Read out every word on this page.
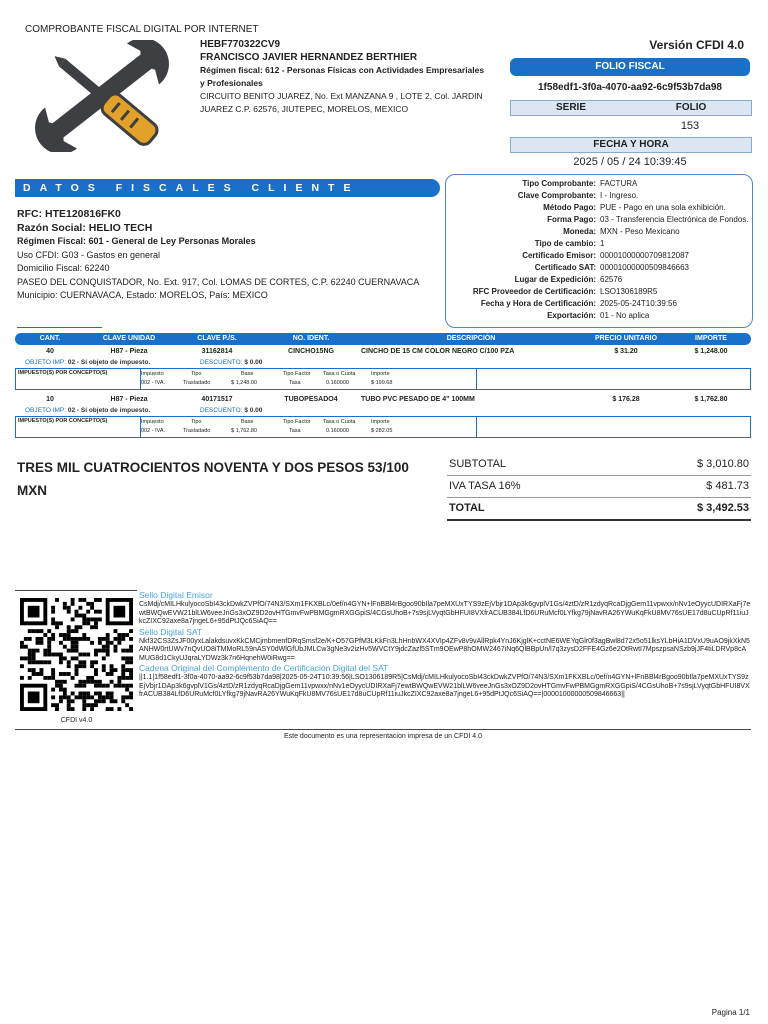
COMPROBANTE FISCAL DIGITAL POR INTERNET
HEBF770322CV9
FRANCISCO JAVIER HERNANDEZ BERTHIER
Régimen fiscal: 612 - Personas Físicas con Actividades Empresariales
y Profesionales
CIRCUITO BENITO JUAREZ, No. Ext MANZANA 9 , LOTE 2, Col. JARDIN
JUAREZ C.P. 62576, JIUTEPEC, MORELOS, MEXICO
Versión CFDI 4.0
FOLIO FISCAL
1f58edf1-3f0a-4070-aa92-6c9f53b7da98
SERIE	FOLIO
153
FECHA Y HORA
2025 / 05 / 24 10:39:45
DATOS FISCALES CLIENTE
RFC: HTE120816FK0
Razón Social: HELIO TECH
Régimen Fiscal: 601 - General de Ley Personas Morales
Uso CFDI: G03 - Gastos en general
Domicilio Fiscal: 62240
PASEO DEL CONQUISTADOR, No. Ext. 917, Col. LOMAS DE CORTES, C.P. 62240 CUERNAVACA
Municipio: CUERNAVACA, Estado: MORELOS, País: MEXICO
Tipo Comprobante: FACTURA
Clave Comprobante: I - Ingreso.
Método Pago: PUE - Pago en una sola exhibición.
Forma Pago: 03 - Transferencia Electrónica de Fondos.
Moneda: MXN - Peso Mexicano
Tipo de cambio: 1
Certificado Emisor: 00001000000709812087
Certificado SAT: 00001000000509846663
Lugar de Expedición: 62576
RFC Proveedor de Certificación: LSO1306189R5
Fecha y Hora de Certificación: 2025-05-24T10:39:56
Exportación: 01 - No aplica
CANT.	CLAVE UNIDAD	CLAVE P./S.	NO. IDENT.	DESCRIPCIÓN	PRECIO UNITARIO	IMPORTE
40	H87 - Pieza	31162814	CINCHO15NG	CINCHO DE 15 CM COLOR NEGRO C/100 PZA	$ 31.20	$ 1,248.00
OBJETO IMP: 02 - Sí objeto de impuesto.	DESCUENTO: $ 0.00
IMPUESTO(S) POR CONCEPTO(S)	Impuesto	Tipo	Base	Tipo Factor Tasa o Cuota	Importe
002 - IVA.	Trasladado	$ 1,248.00	Tasa	0.160000	$ 199.68
10	H87 - Pieza	40171517	TUBOPESADO4	TUBO PVC PESADO DE 4" 100MM	$ 176.28	$ 1,762.80
OBJETO IMP: 02 - Sí objeto de impuesto.	DESCUENTO: $ 0.00
IMPUESTO(S) POR CONCEPTO(S)	Impuesto	Tipo	Base	Tipo Factor Tasa o Cuota	Importe
002 - IVA.	Trasladado	$ 1,762.80	Tasa	0.160000	$ 282.05
TRES MIL CUATROCIENTOS NOVENTA Y DOS PESOS 53/100
MXN
SUBTOTAL	$ 3,010.80
IVA TASA 16%	$ 481.73
TOTAL	$ 3,492.53
CFDI v4.0
Sello Digital Emisor
CsMdj/cMILHkulyocoSbI43ckDwkZVPfO/74N3/SXm1FKXBLc/0ef/n4GYN+lFnBBl4rBgoo90bIla7peMXUxTYS9zEjVbjr1DAp3k6gvplV1Gs/4ztD/zR1zdyqRcaDjgGem11vpwxx/nNv1eOyycUDIRXaFj7ewtBWQwEVW21blLW6veeJnGs3xOZ9D2ovHTGmvFwPBMGgmRXGGpiS/4CGsUhoB+7s9sjLVyqtGbHFUI8VXfrACUB384LfD6URuMcf0LYfkg79jNavRA26YWuKqFkU8MV76sUE17d8uCUpRf11iuJkcZIXC92axe8a7jngeL6+95dPtJQc6SiAQ==
Sello Digital SAT
Nkf32CS3ZsJF00yxLalakdsuvxKkCMCjmbmenfDRqSmsf2e/K+O57GPfM3LKkFn3LhHnbWX4XVIp4ZFv8v9vAllRpk4YnJ6KjglK+cctNE6WEYqGlr0f3agBwl8d72x5o51lksYLbHiA1DVxU9uAO9jkXkN5ANHW0rtUWv7nQvUO8iTMMoRL59nASY0dWlGfUbJMLCw3gNe3v2izHv5WVCtY9jdcZazl5STm9OEwP8hOMW2467iNq6QlBBpUn/l7q3zysD2FFE4Gz6e2OtRwtI7MpszpsaNSzb9jJF4tiLDRVp8cAMUG8d1CkyUJqraLYDWz3k7n6HqnehW0iRwg==
Cadena Original del Complemento de Certificación Digital del SAT
||1.1|1f58edf1-3f0a-4070-aa92-6c9f53b7da98|2025-05-24T10:39:56|LSO1306189R5|CsMdj/cMILHkulyocoSbI43ckDwkZVPfO/74N3/SXm1FKXBLc/0ef/n4GYN+lFnBBl4rBgoo90bIla7peMXUxTYS9zEjVbjr1DAp3k6gvplV1Gs/4ztD/zR1zdyqRcaDjgGem11vpwxx/nNv1eOyycUDIRXaFj7ewtBWQwEVW21blLW6veeJnGs3xOZ9D2ovHTGmvFwPBMGgmRXGGpiS/4CGsUhoB+7s9sjLVyqtGbHFUI8VXfrACUB384LfD6URuMcf0LYfkg79jNavRA26YWuKqFkU8MV76sUE17d8uCUpRf11iuJkcZIXC92axe8a7jngeL6+95dPtJQc6SiAQ==|00001000000509846663||
Este documento es una representacion impresa de un CFDI 4.0
Pagina 1/1
